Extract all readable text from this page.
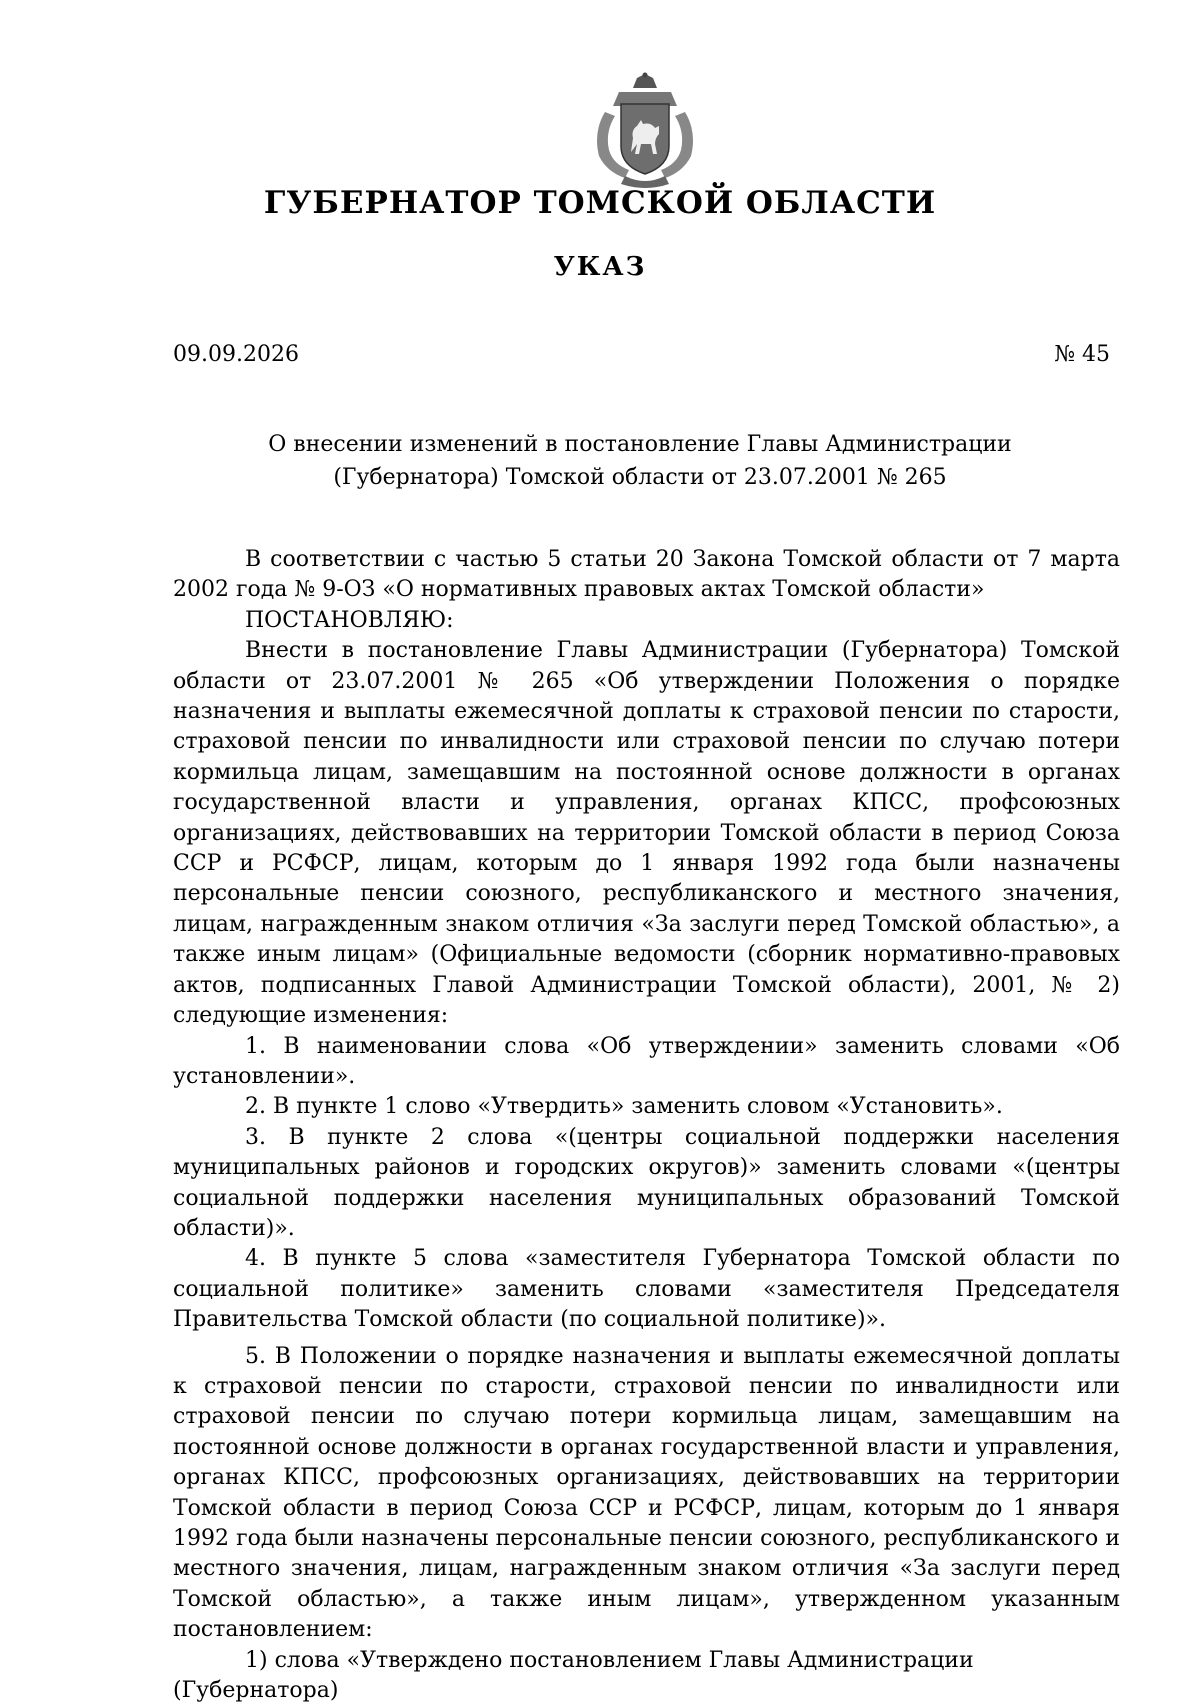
ГУБЕРНАТОР ТОМСКОЙ ОБЛАСТИ
УКАЗ
09.09.2026	№ 45
О внесении изменений в постановление Главы Администрации
(Губернатора) Томской области от 23.07.2001 № 265

В соответствии с частью 5 статьи 20 Закона Томской области от 7 марта 2002 года № 9-ОЗ «О нормативных правовых актах Томской области»

ПОСТАНОВЛЯЮ:

Внести в постановление Главы Администрации (Губернатора) Томской области от 23.07.2001 № 265 «Об утверждении Положения о порядке назначения и выплаты ежемесячной доплаты к страховой пенсии по старости, страховой пенсии по инвалидности или страховой пенсии по случаю потери кормильца лицам, замещавшим на постоянной основе должности в органах государственной власти и управления, органах КПСС, профсоюзных организациях, действовавших на территории Томской области в период Союза ССР и РСФСР, лицам, которым до 1 января 1992 года были назначены персональные пенсии союзного, республиканского и местного значения, лицам, награжденным знаком отличия «За заслуги перед Томской областью», а также иным лицам» (Официальные ведомости (сборник нормативно-правовых актов, подписанных Главой Администрации Томской области), 2001, № 2) следующие изменения:

1. В наименовании слова «Об утверждении» заменить словами «Об установлении».

2. В пункте 1 слово «Утвердить» заменить словом «Установить».

3. В пункте 2 слова «(центры социальной поддержки населения муниципальных районов и городских округов)» заменить словами «(центры социальной поддержки населения муниципальных образований Томской области)».

4. В пункте 5 слова «заместителя Губернатора Томской области по социальной политике» заменить словами «заместителя Председателя Правительства Томской области (по социальной политике)».

5. В Положении о порядке назначения и выплаты ежемесячной доплаты к страховой пенсии по старости, страховой пенсии по инвалидности или страховой пенсии по случаю потери кормильца лицам, замещавшим на постоянной основе должности в органах государственной власти и управления, органах КПСС, профсоюзных организациях, действовавших на территории Томской области в период Союза ССР и РСФСР, лицам, которым до 1 января 1992 года были назначены персональные пенсии союзного, республиканского и местного значения, лицам, награжденным знаком отличия «За заслуги перед Томской областью», а также иным лицам», утвержденном указанным постановлением:

1) слова «Утверждено постановлением Главы Администрации (Губернатора)
